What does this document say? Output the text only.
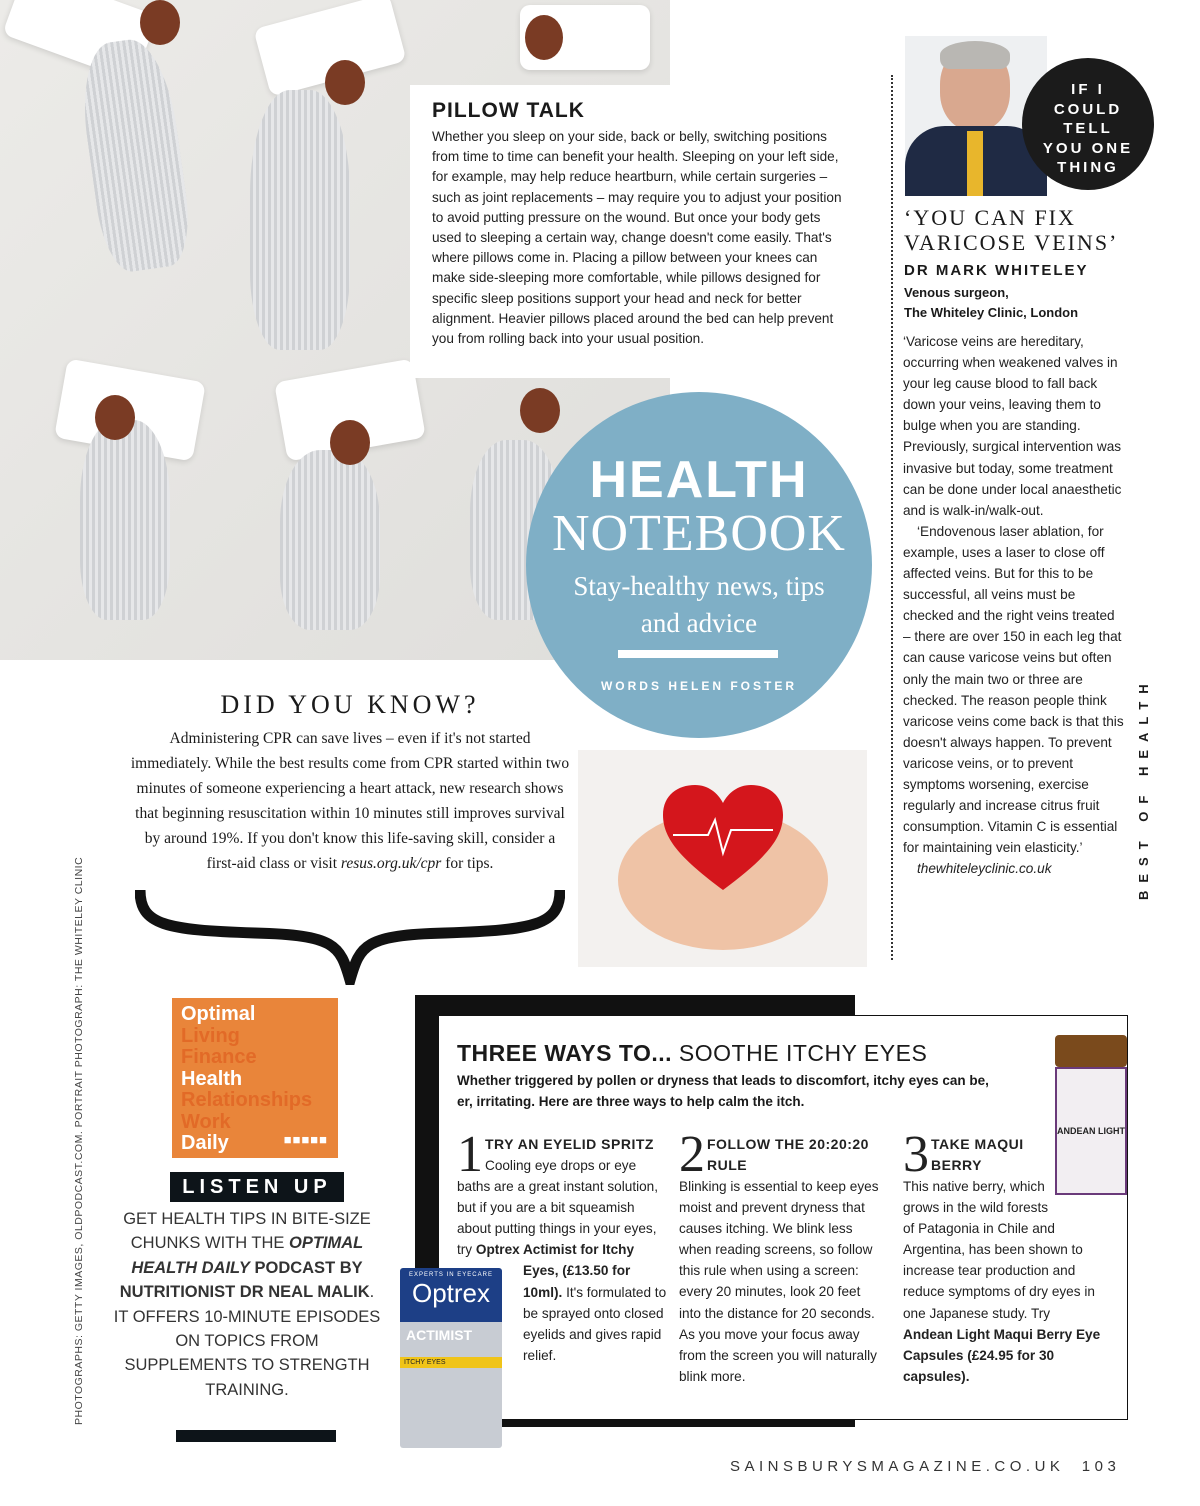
PILLOW TALK

Whether you sleep on your side, back or belly, switching positions from time to time can benefit your health. Sleeping on your left side, for example, may help reduce heartburn, while certain surgeries – such as joint replacements – may require you to adjust your position to avoid putting pressure on the wound. But once your body gets used to sleeping a certain way, change doesn't come easily. That's where pillows come in. Placing a pillow between your knees can make side-sleeping more comfortable, while pillows designed for specific sleep positions support your head and neck for better alignment. Heavier pillows placed around the bed can help prevent you from rolling back into your usual position.

HEALTH
NOTEBOOK
Stay-healthy news, tips and advice
WORDS HELEN FOSTER
DID YOU KNOW?

Administering CPR can save lives – even if it's not started immediately. While the best results come from CPR started within two minutes of someone experiencing a heart attack, new research shows that beginning resuscitation within 10 minutes still improves survival by around 19%. If you don't know this life-saving skill, consider a first-aid class or visit resus.org.uk/cpr for tips.

IF I
COULD
TELL
YOU ONE
THING
‘YOU CAN FIX
VARICOSE VEINS’
DR MARK WHITELEY
Venous surgeon,
The Whiteley Clinic, London

‘Varicose veins are hereditary, occurring when weakened valves in your leg cause blood to fall back down your veins, leaving them to bulge when you are standing. Previously, surgical intervention was invasive but today, some treatment can be done under local anaesthetic and is walk-in/walk-out.

‘Endovenous laser ablation, for example, uses a laser to close off affected veins. But for this to be successful, all veins must be checked and the right veins treated – there are over 150 in each leg that can cause varicose veins but often only the main two or three are checked. The reason people think varicose veins come back is that this doesn't always happen. To prevent varicose veins, or to prevent symptoms worsening, exercise regularly and increase citrus fruit consumption. Vitamin C is essential for maintaining vein elasticity.’

thewhiteleyclinic.co.uk	BEST OF HEALTH
PHOTOGRAPHS: GETTY IMAGES, OLDPODCAST.COM. PORTRAIT PHOTOGRAPH: THE WHITELEY CLINIC	Optimal
Living
Finance
Health
Relationships
Work
Daily	■■■■■
LISTEN UP
GET HEALTH TIPS IN BITE-SIZE CHUNKS WITH THE OPTIMAL HEALTH DAILY PODCAST BY NUTRITIONIST DR NEAL MALIK. IT OFFERS 10-MINUTE EPISODES ON TOPICS FROM SUPPLEMENTS TO STRENGTH TRAINING.
THREE WAYS TO... SOOTHE ITCHY EYES
Whether triggered by pollen or dryness that leads to discomfort, itchy eyes can be, er, irritating. Here are three ways to help calm the itch.
1 TRY AN EYELID SPRITZ
Cooling eye drops or eye baths are a great instant solution, but if you are a bit squeamish about putting things in your eyes, try Optrex Actimist for Itchy Eyes, (£13.50 for 10ml). It's formulated to be sprayed onto closed eyelids and gives rapid relief.
2 FOLLOW THE 20:20:20 RULE
Blinking is essential to keep eyes moist and prevent dryness that causes itching. We blink less when reading screens, so follow this rule when using a screen: every 20 minutes, look 20 feet into the distance for 20 seconds. As you move your focus away from the screen you will naturally blink more.
3 TAKE MAQUI BERRY
This native berry, which grows in the wild forests of Patagonia in Chile and Argentina, has been shown to increase tear production and reduce symptoms of dry eyes in one Japanese study. Try Andean Light Maqui Berry Eye Capsules (£24.95 for 30 capsules).
ANDEAN LIGHT
EXPERTS IN EYECARE
Optrex
ACTIMIST
ITCHY EYES
SAINSBURYSMAGAZINE.CO.UK 103
